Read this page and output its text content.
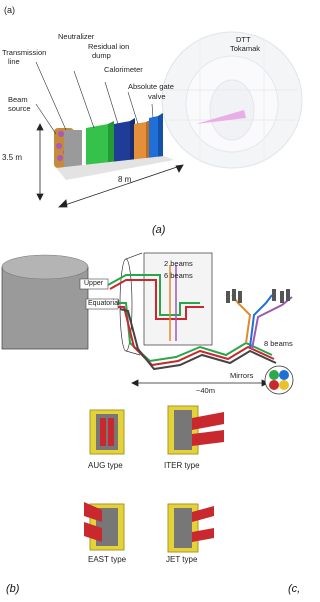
(a)
Neutralizer
Residual ion
dump
Calorimeter
Transmission
line
Beam
source
Absolute gate
valve
DTT
Tokamak
3.5 m
8 m
(a)
Upper
Equatorial
2 beams
6 beams
8 beams
~40m
Mirrors
(b)
AUG type	ITER type
EAST type	JET type
(c,
